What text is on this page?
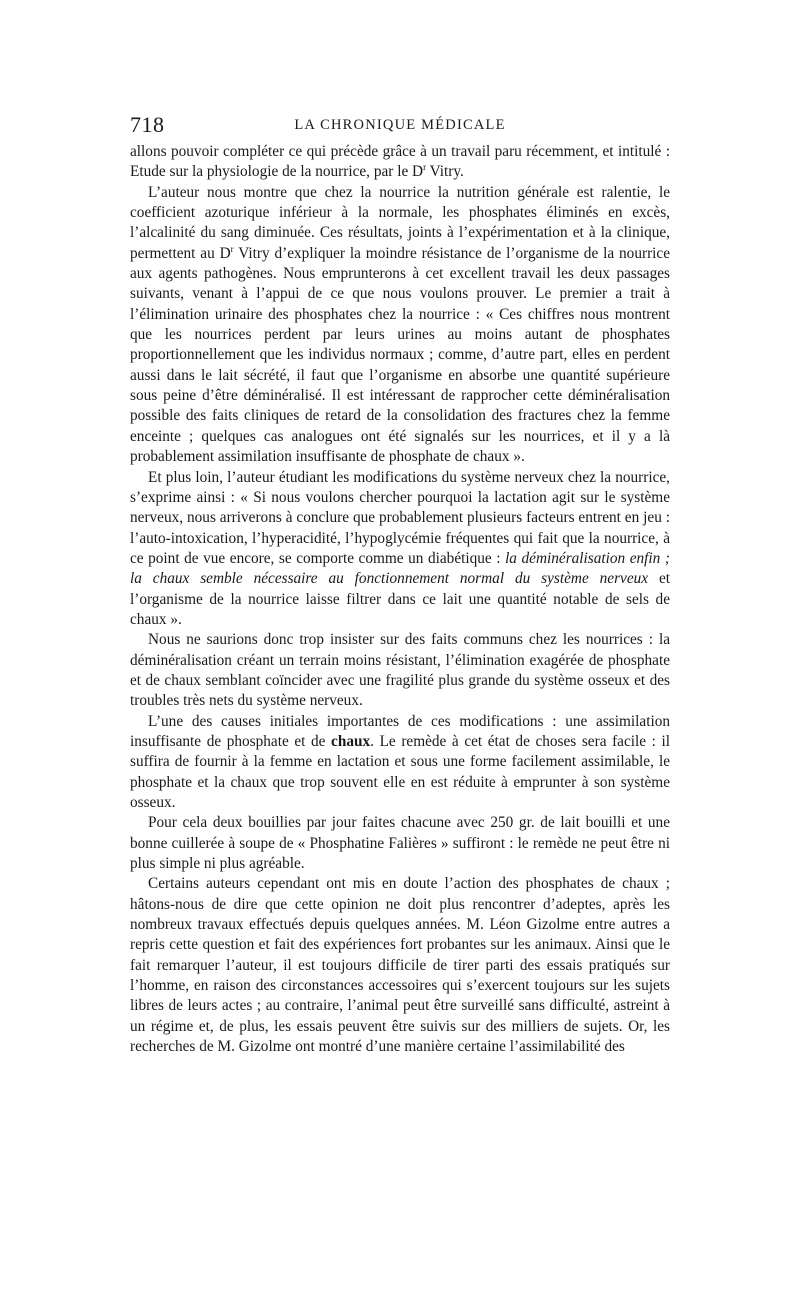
718	LA CHRONIQUE MÉDICALE

allons pouvoir compléter ce qui précède grâce à un travail paru récemment, et intitulé : Etude sur la physiologie de la nourrice, par le $D^r$ Vitry.

L’auteur nous montre que chez la nourrice la nutrition générale est ralentie, le coefficient azoturique inférieur à la normale, les phosphates éliminés en excès, l’alcalinité du sang diminuée. Ces résultats, joints à l’expérimentation et à la clinique, permettent au $D^r$ Vitry d’expliquer la moindre résistance de l’organisme de la nourrice aux agents pathogènes. Nous emprunterons à cet excellent travail les deux passages suivants, venant à l’appui de ce que nous voulons prouver. Le premier a trait à l’élimination urinaire des phosphates chez la nourrice : « Ces chiffres nous montrent que les nourrices perdent par leurs urines au moins autant de phosphates proportionnellement que les individus normaux ; comme, d’autre part, elles en perdent aussi dans le lait sécrété, il faut que l’organisme en absorbe une quantité supérieure sous peine d’être déminéralisé. Il est intéressant de rapprocher cette déminéralisation possible des faits cliniques de retard de la consolidation des fractures chez la femme enceinte ; quelques cas analogues ont été signalés sur les nourrices, et il y a là probablement assimilation insuffisante de phosphate de chaux ».

Et plus loin, l’auteur étudiant les modifications du système nerveux chez la nourrice, s’exprime ainsi : « Si nous voulons chercher pourquoi la lactation agit sur le système nerveux, nous arriverons à conclure que probablement plusieurs facteurs entrent en jeu : l’auto-intoxication, l’hyperacidité, l’hypoglycémie fréquentes qui fait que la nourrice, à ce point de vue encore, se comporte comme un diabétique : la déminéralisation enfin ; la chaux semble nécessaire au fonctionnement normal du système nerveux et l’organisme de la nourrice laisse filtrer dans ce lait une quantité notable de sels de chaux ».

Nous ne saurions donc trop insister sur des faits communs chez les nourrices : la déminéralisation créant un terrain moins résistant, l’élimination exagérée de phosphate et de chaux semblant coïncider avec une fragilité plus grande du système osseux et des troubles très nets du système nerveux.

L’une des causes initiales importantes de ces modifications : une assimilation insuffisante de phosphate et de chaux. Le remède à cet état de choses sera facile : il suffira de fournir à la femme en lactation et sous une forme facilement assimilable, le phosphate et la chaux que trop souvent elle en est réduite à emprunter à son système osseux.

Pour cela deux bouillies par jour faites chacune avec 250 gr. de lait bouilli et une bonne cuillerée à soupe de « Phosphatine Falières » suffiront : le remède ne peut être ni plus simple ni plus agréable.

Certains auteurs cependant ont mis en doute l’action des phosphates de chaux ; hâtons-nous de dire que cette opinion ne doit plus rencontrer d’adeptes, après les nombreux travaux effectués depuis quelques années. M. Léon Gizolme entre autres a repris cette question et fait des expériences fort probantes sur les animaux. Ainsi que le fait remarquer l’auteur, il est toujours difficile de tirer parti des essais pratiqués sur l’homme, en raison des circonstances accessoires qui s’exercent toujours sur les sujets libres de leurs actes ; au contraire, l’animal peut être surveillé sans difficulté, astreint à un régime et, de plus, les essais peuvent être suivis sur des milliers de sujets. Or, les recherches de M. Gizolme ont montré d’une manière certaine l’assimilabilité des
